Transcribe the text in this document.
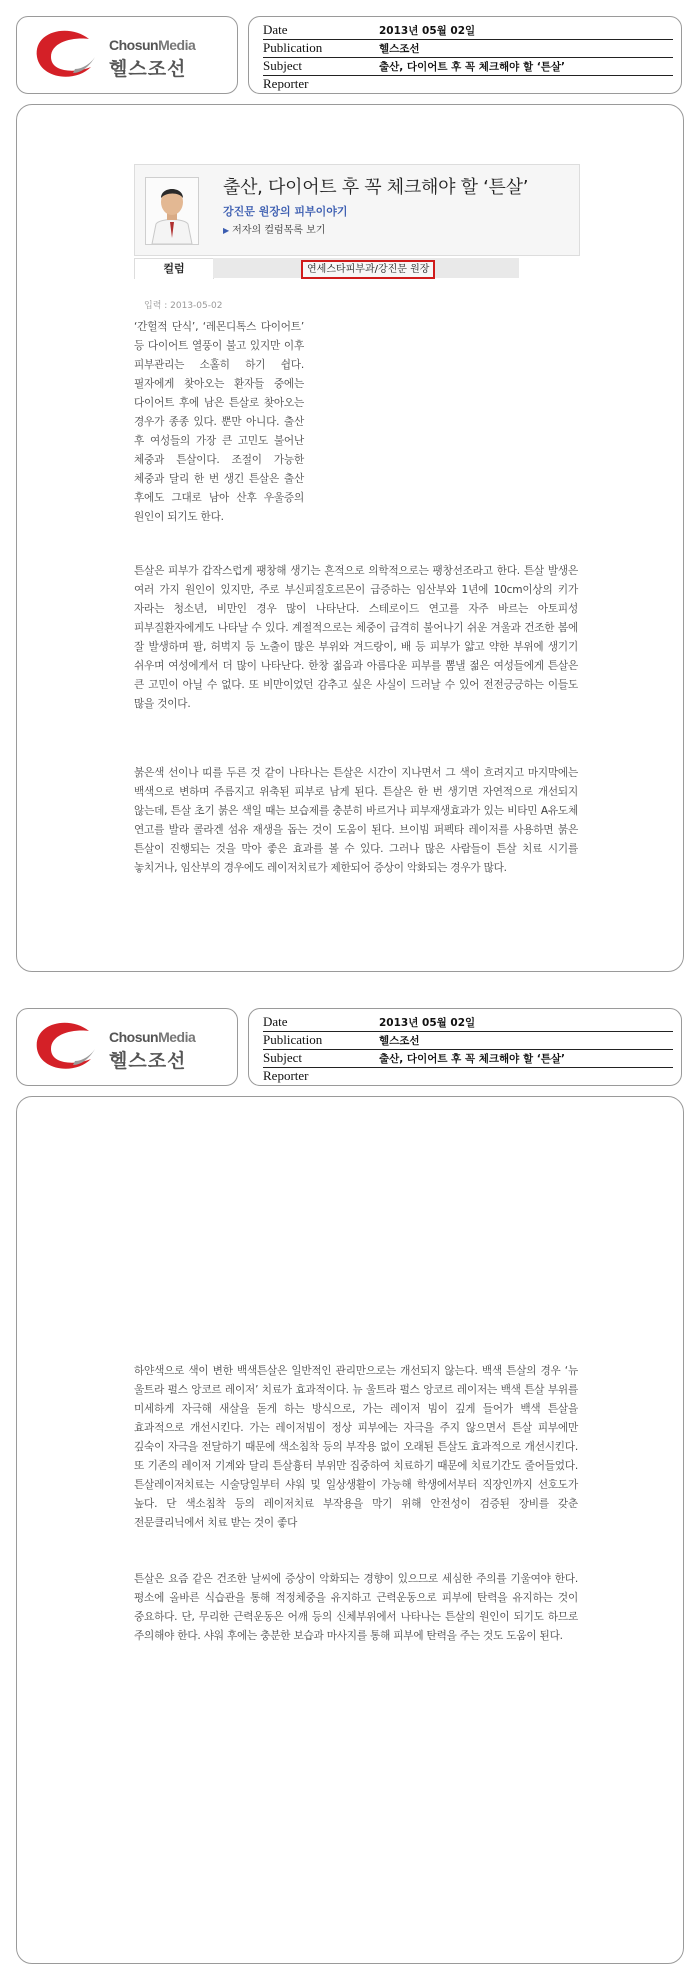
ChosunMedia
헬스조선
Date	2013년 05월 02일
Publication	헬스조선
Subject	출산, 다이어트 후 꼭 체크해야 할 ‘튼살’
Reporter
출산, 다이어트 후 꼭 체크해야 할 ‘튼살’
강진문 원장의 피부이야기
▶ 저자의 컬럼목록 보기
컬럼	연세스타피부과/강진문 원장
입력 : 2013-05-02

‘간헐적 단식’, ‘레몬디톡스 다이어트’ 등 다이어트 열풍이 불고 있지만 이후 피부관리는 소홀히 하기 쉽다. 필자에게 찾아오는 환자들 중에는 다이어트 후에 남은 튼살로 찾아오는 경우가 종종 있다. 뿐만 아니다. 출산 후 여성들의 가장 큰 고민도 불어난 체중과 튼살이다. 조절이 가능한 체중과 달리 한 번 생긴 튼살은 출산 후에도 그대로 남아 산후 우울증의 원인이 되기도 한다.

튼살은 피부가 갑작스럽게 팽창해 생기는 흔적으로 의학적으로는 팽창선조라고 한다. 튼살 발생은 여러 가지 원인이 있지만, 주로 부신피질호르몬이 급증하는 임산부와 1년에 10cm이상의 키가 자라는 청소년, 비만인 경우 많이 나타난다. 스테로이드 연고를 자주 바르는 아토피성 피부질환자에게도 나타날 수 있다. 계절적으로는 체중이 급격히 불어나기 쉬운 겨울과 건조한 봄에 잘 발생하며 팔, 허벅지 등 노출이 많은 부위와 겨드랑이, 배 등 피부가 얇고 약한 부위에 생기기 쉬우며 여성에게서 더 많이 나타난다. 한창 젊음과 아름다운 피부를 뽐낼 젊은 여성들에게 튼살은 큰 고민이 아닐 수 없다. 또 비만이었던 감추고 싶은 사실이 드러날 수 있어 전전긍긍하는 이들도 많을 것이다.

붉은색 선이나 띠를 두른 것 같이 나타나는 튼살은 시간이 지나면서 그 색이 흐려지고 마지막에는 백색으로 변하며 주름지고 위축된 피부로 남게 된다. 튼살은 한 번 생기면 자연적으로 개선되지 않는데, 튼살 초기 붉은 색일 때는 보습제를 충분히 바르거나 피부재생효과가 있는 비타민 A유도체 연고를 발라 콜라겐 섬유 재생을 돕는 것이 도움이 된다. 브이빔 퍼펙타 레이저를 사용하면 붉은 튼살이 진행되는 것을 막아 좋은 효과를 볼 수 있다. 그러나 많은 사람들이 튼살 치료 시기를 놓치거나, 임산부의 경우에도 레이저치료가 제한되어 증상이 악화되는 경우가 많다.

ChosunMedia
헬스조선
Date	2013년 05월 02일
Publication	헬스조선
Subject	출산, 다이어트 후 꼭 체크해야 할 ‘튼살’
Reporter

하얀색으로 색이 변한 백색튼살은 일반적인 관리만으로는 개선되지 않는다. 백색 튼살의 경우 ‘뉴 울트라 펄스 앙코르 레이저’ 치료가 효과적이다. 뉴 울트라 펄스 앙코르 레이저는 백색 튼살 부위를 미세하게 자극해 새살을 돋게 하는 방식으로, 가는 레이저 빔이 깊게 들어가 백색 튼살을 효과적으로 개선시킨다. 가는 레이저빔이 정상 피부에는 자극을 주지 않으면서 튼살 피부에만 깊숙이 자극을 전달하기 때문에 색소침착 등의 부작용 없이 오래된 튼살도 효과적으로 개선시킨다. 또 기존의 레이저 기계와 달리 튼살흉터 부위만 집중하여 치료하기 때문에 치료기간도 줄어들었다. 튼살레이저치료는 시술당일부터 샤워 및 일상생활이 가능해 학생에서부터 직장인까지 선호도가 높다. 단 색소침착 등의 레이저치료 부작용을 막기 위해 안전성이 검증된 장비를 갖춘 전문클리닉에서 치료 받는 것이 좋다

튼살은 요즘 같은 건조한 날씨에 증상이 악화되는 경향이 있으므로 세심한 주의를 기울여야 한다. 평소에 올바른 식습관을 통해 적정체중을 유지하고 근력운동으로 피부에 탄력을 유지하는 것이 중요하다. 단, 무리한 근력운동은 어깨 등의 신체부위에서 나타나는 튼살의 원인이 되기도 하므로 주의해야 한다. 샤워 후에는 충분한 보습과 마사지를 통해 피부에 탄력을 주는 것도 도움이 된다.
